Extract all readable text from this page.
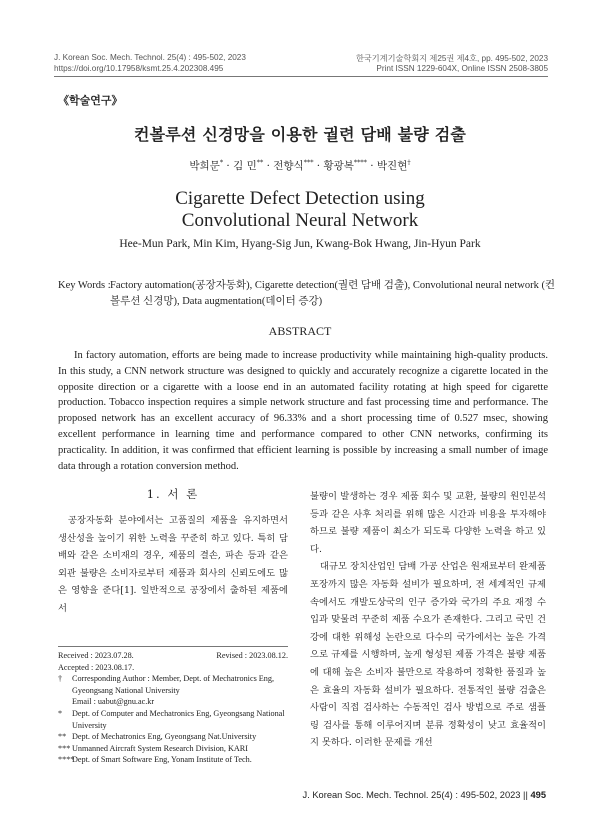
J. Korean Soc. Mech. Technol. 25(4) : 495-502, 2023
https://doi.org/10.17958/ksmt.25.4.202308.495
한국기계기술학회지 제25권 제4호, pp. 495-502, 2023
Print ISSN 1229-604X, Online ISSN 2508-3805
《학술연구》
컨볼루션 신경망을 이용한 궐련 담배 불량 검출
박희문* · 김 민** · 전향식*** · 황광복**** · 박진현†
Cigarette Defect Detection using Convolutional Neural Network
Hee-Mun Park, Min Kim, Hyang-Sig Jun, Kwang-Bok Hwang, Jin-Hyun Park
Key Words : Factory automation(공장자동화), Cigarette detection(궐련 담배 검출), Convolutional neural network (컨볼루션 신경망), Data augmentation(데이터 증강)
ABSTRACT

In factory automation, efforts are being made to increase productivity while maintaining high-quality products. In this study, a CNN network structure was designed to quickly and accurately recognize a cigarette located in the opposite direction or a cigarette with a loose end in an automated facility rotating at high speed for cigarette production. Tobacco inspection requires a simple network structure and fast processing time and performance. The proposed network has an excellent accuracy of 96.33% and a short processing time of 0.527 msec, showing excellent performance in learning time and performance compared to other CNN networks, confirming its practicality. In addition, it was confirmed that efficient learning is possible by increasing a small number of image data through a rotation conversion method.

1. 서 론

공장자동화 분야에서는 고품질의 제품을 유지하면서 생산성을 높이기 위한 노력을 꾸준히 하고 있다. 특히 담배와 같은 소비재의 경우, 제품의 결손, 파손 등과 같은 외관 불량은 소비자로부터 제품과 회사의 신뢰도에도 많은 영향을 준다[1]. 일반적으로 공장에서 출하된 제품에서

불량이 발생하는 경우 제품 회수 및 교환, 불량의 원인분석 등과 같은 사후 처리를 위해 많은 시간과 비용을 투자해야 하므로 불량 제품이 최소가 되도록 다양한 노력을 하고 있다.

대규모 장치산업인 담배 가공 산업은 원재료부터 완제품 포장까지 많은 자동화 설비가 필요하며, 전 세계적인 규제 속에서도 개발도상국의 인구 증가와 국가의 주요 재정 수입과 맞물려 꾸준히 제품 수요가 존재한다. 그리고 국민 건강에 대한 위해성 논란으로 다수의 국가에서는 높은 가격으로 규제를 시행하며, 높게 형성된 제품 가격은 불량 제품에 대해 높은 소비자 불만으로 작용하여 정확한 품질과 높은 효율의 자동화 설비가 필요하다. 전통적인 불량 검출은 사람이 직접 검사하는 수동적인 검사 방법으로 주로 샘플링 검사를 통해 이루어지며 분류 정확성이 낮고 효율적이지 못하다. 이러한 문제를 개선

Received : 2023.07.28.	Revised : 2023.08.12.
Accepted : 2023.08.17.
†	Corresponding Author : Member, Dept. of Mechatronics Eng, Gyeongsang National University
Email : uabut@gnu.ac.kr
*	Dept. of Computer and Mechatronics Eng, Gyeongsang National University
** Dept. of Mechatronics Eng, Gyeongsang Nat.University
*** Unmanned Aircraft System Research Division, KARI
****
Dept. of Smart Software Eng, Yonam Institute of Tech.
J. Korean Soc. Mech. Technol. 25(4) : 495-502, 2023 || 495
